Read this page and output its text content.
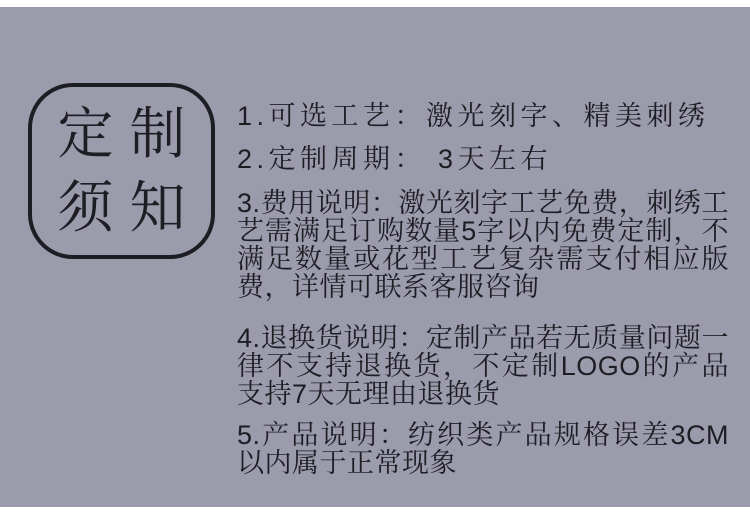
定制
须知

1.可选工艺：激光刻字、精美刺绣

2.定制周期： 3天左右

3.费用说明：激光刻字工艺免费，刺绣工艺需满足订购数量5字以内免费定制，不满足数量或花型工艺复杂需支付相应版费，详情可联系客服咨询

4.退换货说明：定制产品若无质量问题一律不支持退换货，不定制LOGO的产品支持7天无理由退换货

5.产品说明：纺织类产品规格误差3CM以内属于正常现象
